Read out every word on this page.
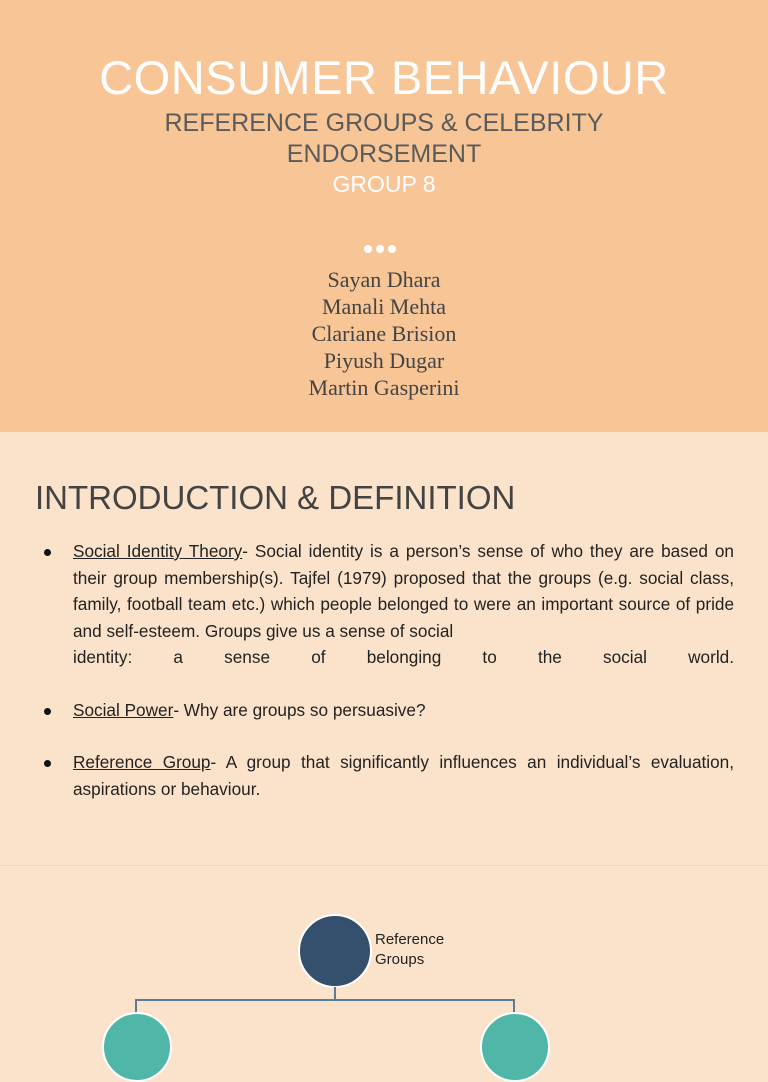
CONSUMER BEHAVIOUR
REFERENCE GROUPS & CELEBRITY
ENDORSEMENT
GROUP 8
Sayan Dhara
Manali Mehta
Clariane Brision
Piyush Dugar
Martin Gasperini
INTRODUCTION & DEFINITION
Social Identity Theory- Social identity is a person’s sense of who they are based on their group membership(s). Tajfel (1979) proposed that the groups (e.g. social class, family, football team etc.) which people belonged to were an important source of pride and self-esteem. Groups give us a sense of social
identity: a sense of belonging to the social world.
Social Power- Why are groups so persuasive?
Reference Group- A group that significantly influences an individual’s evaluation, aspirations or behaviour.
Reference
Groups
